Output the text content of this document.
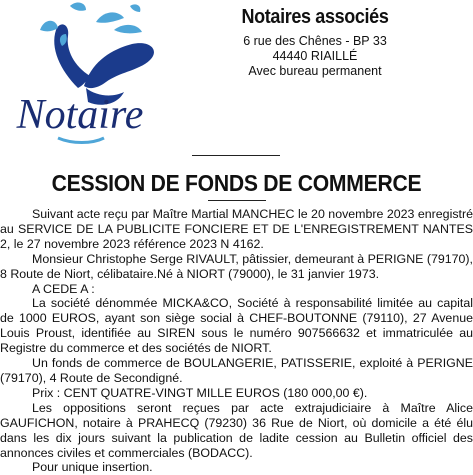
Notaire
Notaires associés
6 rue des Chênes - BP 33
44440 RIAILLÉ
Avec bureau permanent
CESSION DE FONDS DE COMMERCE

Suivant acte reçu par Maître Martial MANCHEC le 20 novembre 2023 enregistré au SERVICE DE LA PUBLICITE FONCIERE ET DE L'ENREGISTREMENT NANTES 2, le 27 novembre 2023 référence 2023 N 4162.

Monsieur Christophe Serge RIVAULT, pâtissier, demeurant à PERIGNE (79170), 8 Route de Niort, célibataire.Né à NIORT (79000), le 31 janvier 1973.

A CEDE A :

La société dénommée MICKA&CO, Société à responsabilité limitée au capital de 1000 EUROS, ayant son siège social à CHEF-BOUTONNE (79110), 27 Avenue Louis Proust, identifiée au SIREN sous le numéro 907566632 et immatriculée au Registre du commerce et des sociétés de NIORT.

Un fonds de commerce de BOULANGERIE, PATISSERIE, exploité à PERIGNE (79170), 4 Route de Secondigné.

Prix : CENT QUATRE-VINGT MILLE EUROS (180 000,00 €).

Les oppositions seront reçues par acte extrajudiciaire à Maître Alice GAUFICHON, notaire à PRAHECQ (79230) 36 Rue de Niort, où domicile a été élu dans les dix jours suivant la publication de ladite cession au Bulletin officiel des annonces civiles et commerciales (BODACC).

Pour unique insertion.
